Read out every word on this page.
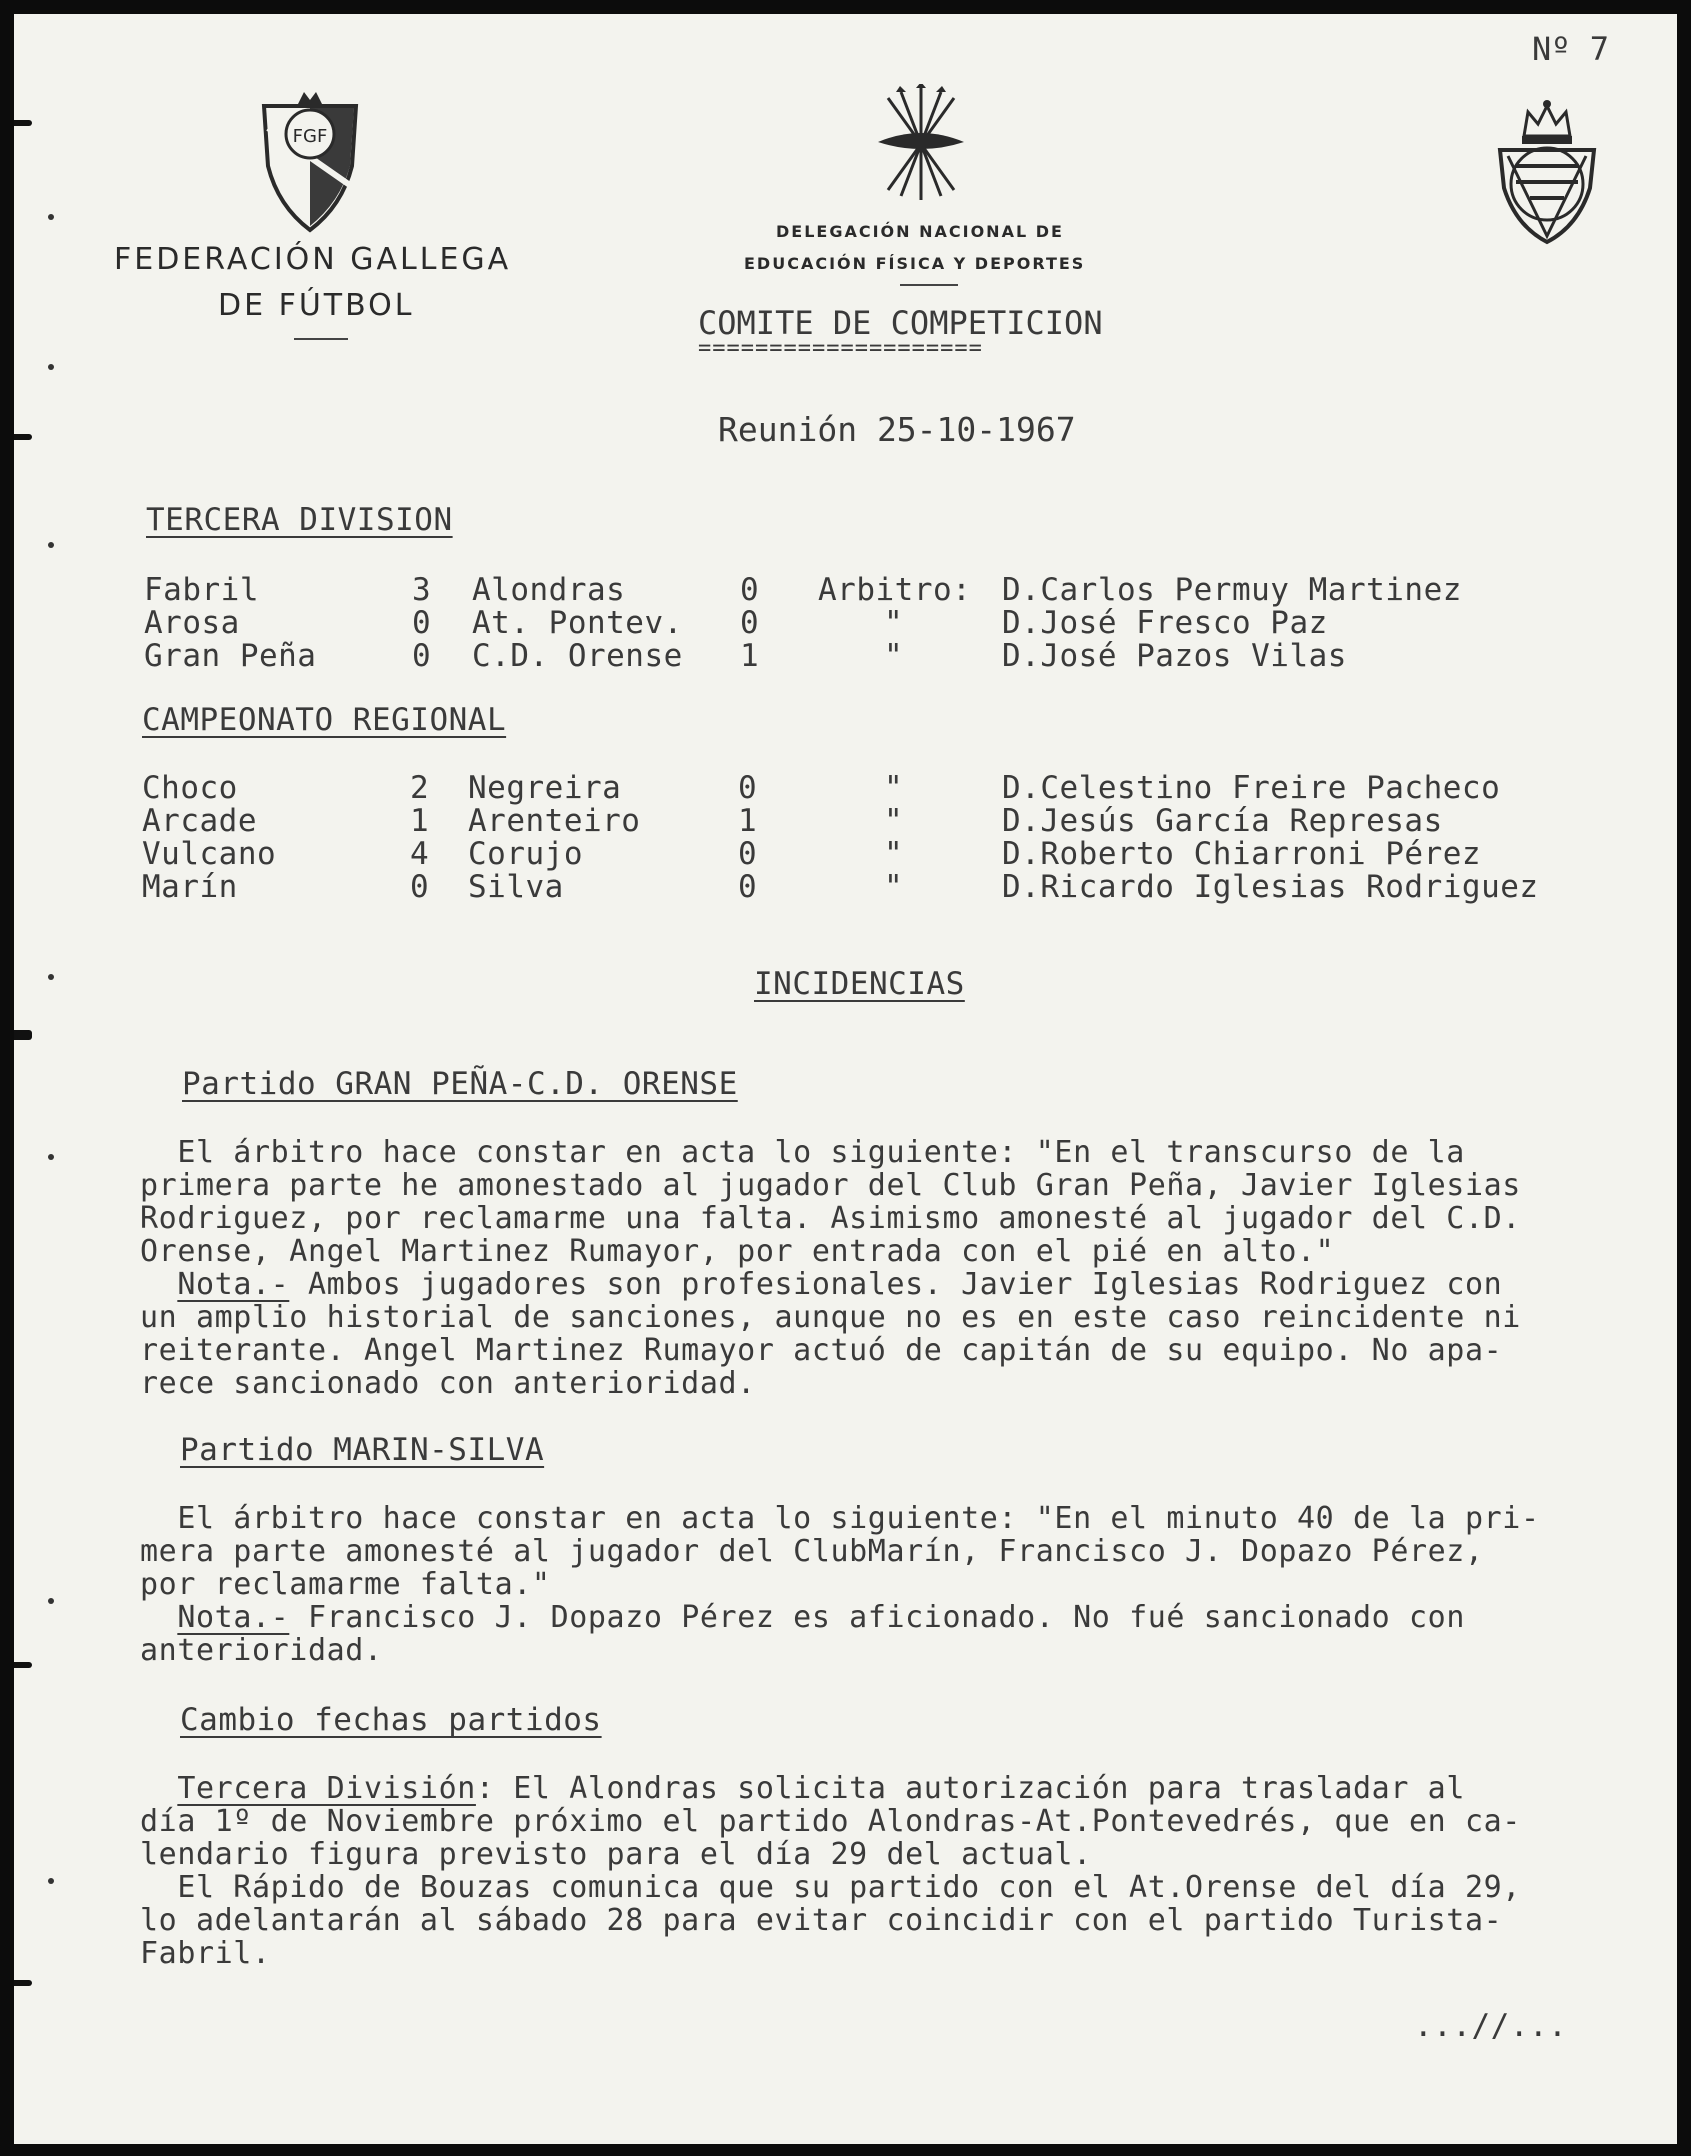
Nº 7
FGF
FEDERACIÓN GALLEGA
DE FÚTBOL
DELEGACIÓN NACIONAL DE
EDUCACIÓN FÍSICA Y DEPORTES
COMITE DE COMPETICION
====================
Reunión 25-10-1967
TERCERA DIVISION
Fabril	3 Alondras	0 Arbitro: D.Carlos Permuy Martinez
Arosa	0 At. Pontev. 0	"	D.José Fresco Paz
Gran Peña	0 C.D. Orense 1	"	D.José Pazos Vilas
CAMPEONATO REGIONAL
Choco	2 Negreira	0	"	D.Celestino Freire Pacheco
Arcade	1 Arenteiro	1	"	D.Jesús García Represas
Vulcano	4 Corujo	0	"	D.Roberto Chiarroni Pérez
Marín	0 Silva	0	"	D.Ricardo Iglesias Rodriguez
INCIDENCIAS
Partido GRAN PEÑA-C.D. ORENSE
El árbitro hace constar en acta lo siguiente: "En el transcurso de la
primera parte he amonestado al jugador del Club Gran Peña, Javier Iglesias
Rodriguez, por reclamarme una falta. Asimismo amonesté al jugador del C.D.
Orense, Angel Martinez Rumayor, por entrada con el pié en alto."
Nota.- Ambos jugadores son profesionales. Javier Iglesias Rodriguez con
un amplio historial de sanciones, aunque no es en este caso reincidente ni
reiterante. Angel Martinez Rumayor actuó de capitán de su equipo. No apa-
rece sancionado con anterioridad.
Partido MARIN-SILVA
El árbitro hace constar en acta lo siguiente: "En el minuto 40 de la pri-
mera parte amonesté al jugador del ClubMarín, Francisco J. Dopazo Pérez,
por reclamarme falta."
Nota.- Francisco J. Dopazo Pérez es aficionado. No fué sancionado con
anterioridad.
Cambio fechas partidos
Tercera División: El Alondras solicita autorización para trasladar al
día 1º de Noviembre próximo el partido Alondras-At.Pontevedrés, que en ca-
lendario figura previsto para el día 29 del actual.
El Rápido de Bouzas comunica que su partido con el At.Orense del día 29,
lo adelantarán al sábado 28 para evitar coincidir con el partido Turista-
Fabril.
...//...
